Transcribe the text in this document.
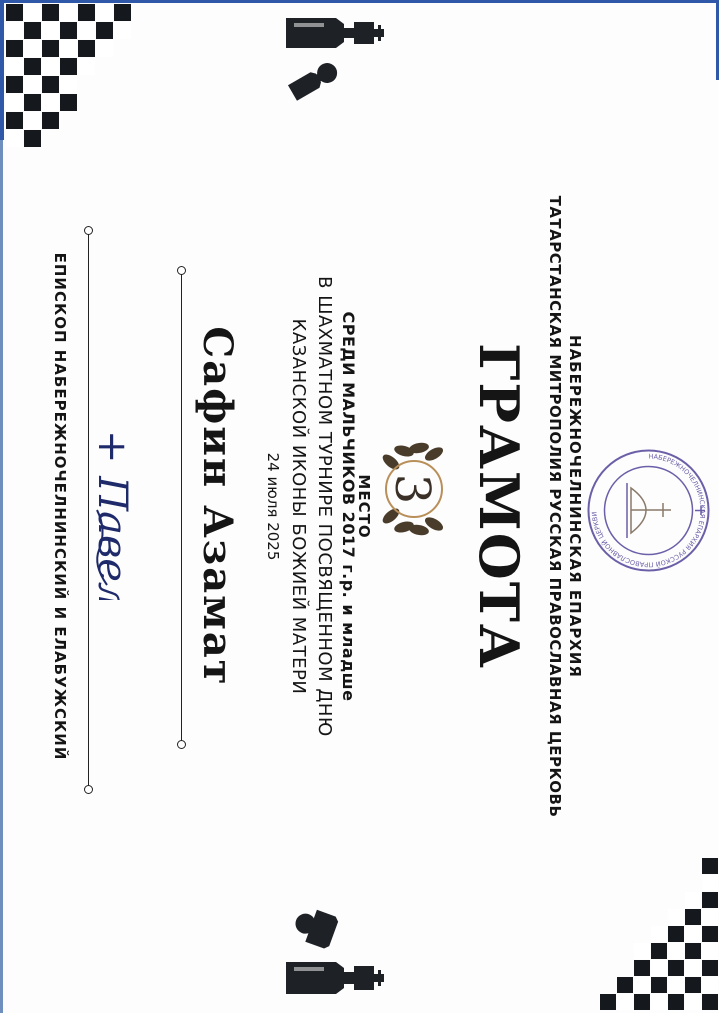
НАБЕРЕЖНОЧЕЛНИНСКАЯ ЕПАРХИЯ РУССКОЙ ПРАВОСЛАВНОЙ ЦЕРКВИ
НАБЕРЕЖНОЧЕЛНИНСКАЯ ЕПАРХИЯ
ТАТАРСТАНСКАЯ МИТРОПОЛИЯ РУССКАЯ ПРАВОСЛАВНАЯ ЦЕРКОВЬ
ГРАМОТА
3
МЕСТО
СРЕДИ МАЛЬЧИКОВ 2017 г.р. и младше
В ШАХМАТНОМ ТУРНИРЕ ПОСВЯЩЕННОМ ДНЮ
КАЗАНСКОЙ ИКОНЫ БОЖИЕЙ МАТЕРИ
24 июля 2025
Сафин Азамат
+ Павел
ЕПИСКОП НАБЕРЕЖНОЧЕЛНИНСКИЙ И ЕЛАБУЖСКИЙ
